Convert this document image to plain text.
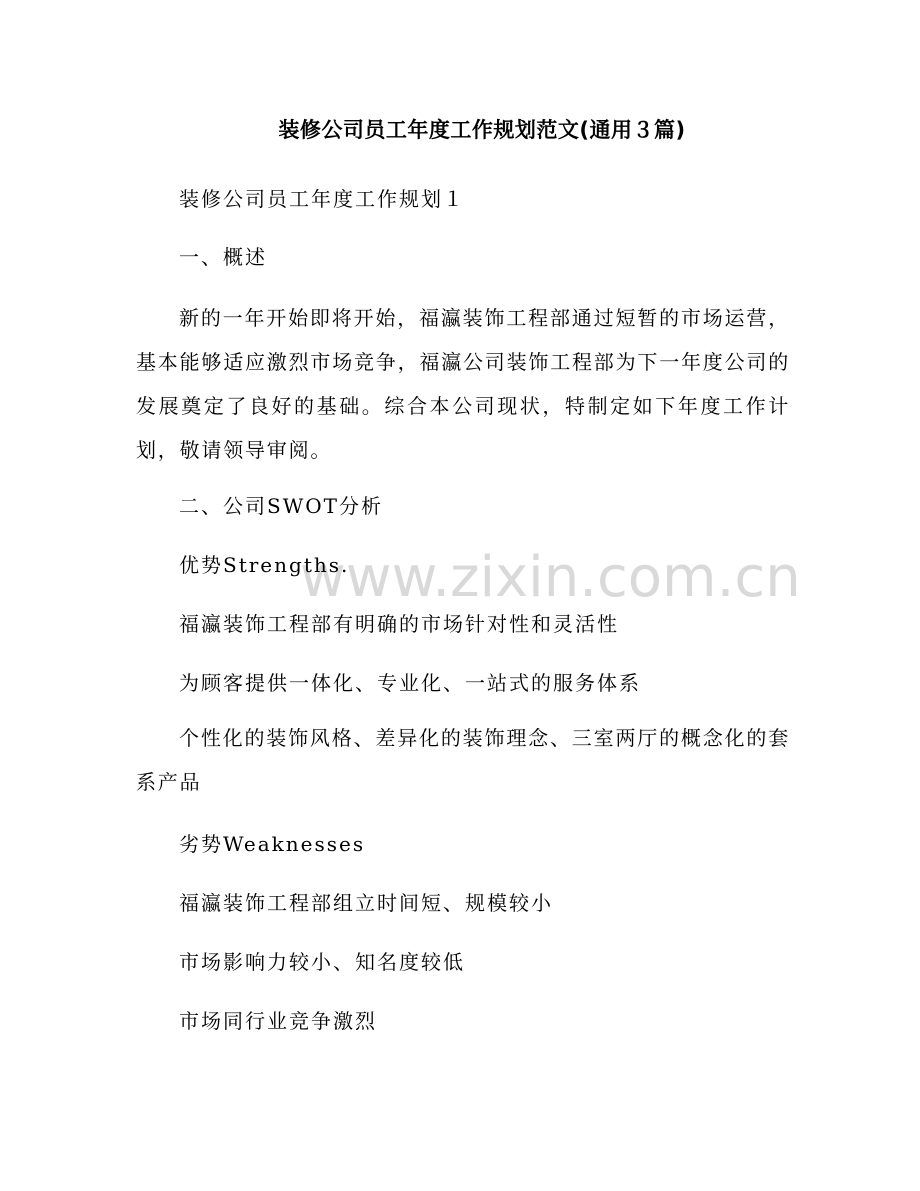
www.zixin.com.cn
装修公司员工年度工作规划范文(通用３篇)
装修公司员工年度工作规划１
一、概述
新的一年开始即将开始，福瀛装饰工程部通过短暂的市场运营，基本能够适应激烈市场竞争，福瀛公司装饰工程部为下一年度公司的发展奠定了良好的基础。综合本公司现状，特制定如下年度工作计划，敬请领导审阅。
二、公司SWOT分析
优势Strengths.
福瀛装饰工程部有明确的市场针对性和灵活性
为顾客提供一体化、专业化、一站式的服务体系
个性化的装饰风格、差异化的装饰理念、三室两厅的概念化的套系产品
劣势Weaknesses
福瀛装饰工程部组立时间短、规模较小
市场影响力较小、知名度较低
市场同行业竞争激烈
